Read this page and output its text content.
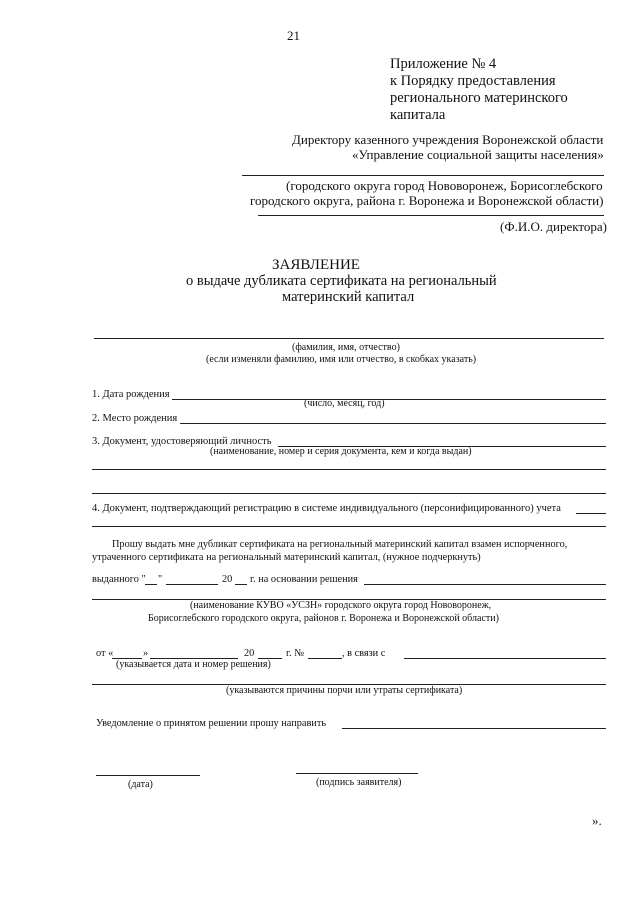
21
Приложение № 4
к Порядку предоставления
регионального материнского
капитала
Директору казенного учреждения Воронежской области
«Управление социальной защиты населения»
(городского округа город Нововоронеж, Борисоглебского
городского округа, района г. Воронежа и Воронежской области)
(Ф.И.О. директора)
ЗАЯВЛЕНИЕ
о выдаче дубликата сертификата на региональный
материнский капитал
(фамилия, имя, отчество)
(если изменяли фамилию, имя или отчество, в скобках указать)
1. Дата рождения
(число, месяц, год)
2. Место рождения
3. Документ, удостоверяющий личность
(наименование, номер и серия документа, кем и когда выдан)
4. Документ, подтверждающий регистрацию в системе индивидуального (персонифицированного) учета
Прошу выдать мне дубликат сертификата на региональный материнский капитал взамен испорченного,
утраченного сертификата на региональный материнский капитал, (нужное подчеркнуть)
выданного " "	20 г. на основании решения
(наименование КУВО «УСЗН» городского округа город Нововоронеж,
Борисоглебского городского округа, районов г. Воронежа и Воронежской области)
от «	»	20	г. №	, в связи с
(указывается дата и номер решения)
(указываются причины порчи или утраты сертификата)
Уведомление о принятом решении прошу направить
(дата)	(подпись заявителя)
».
